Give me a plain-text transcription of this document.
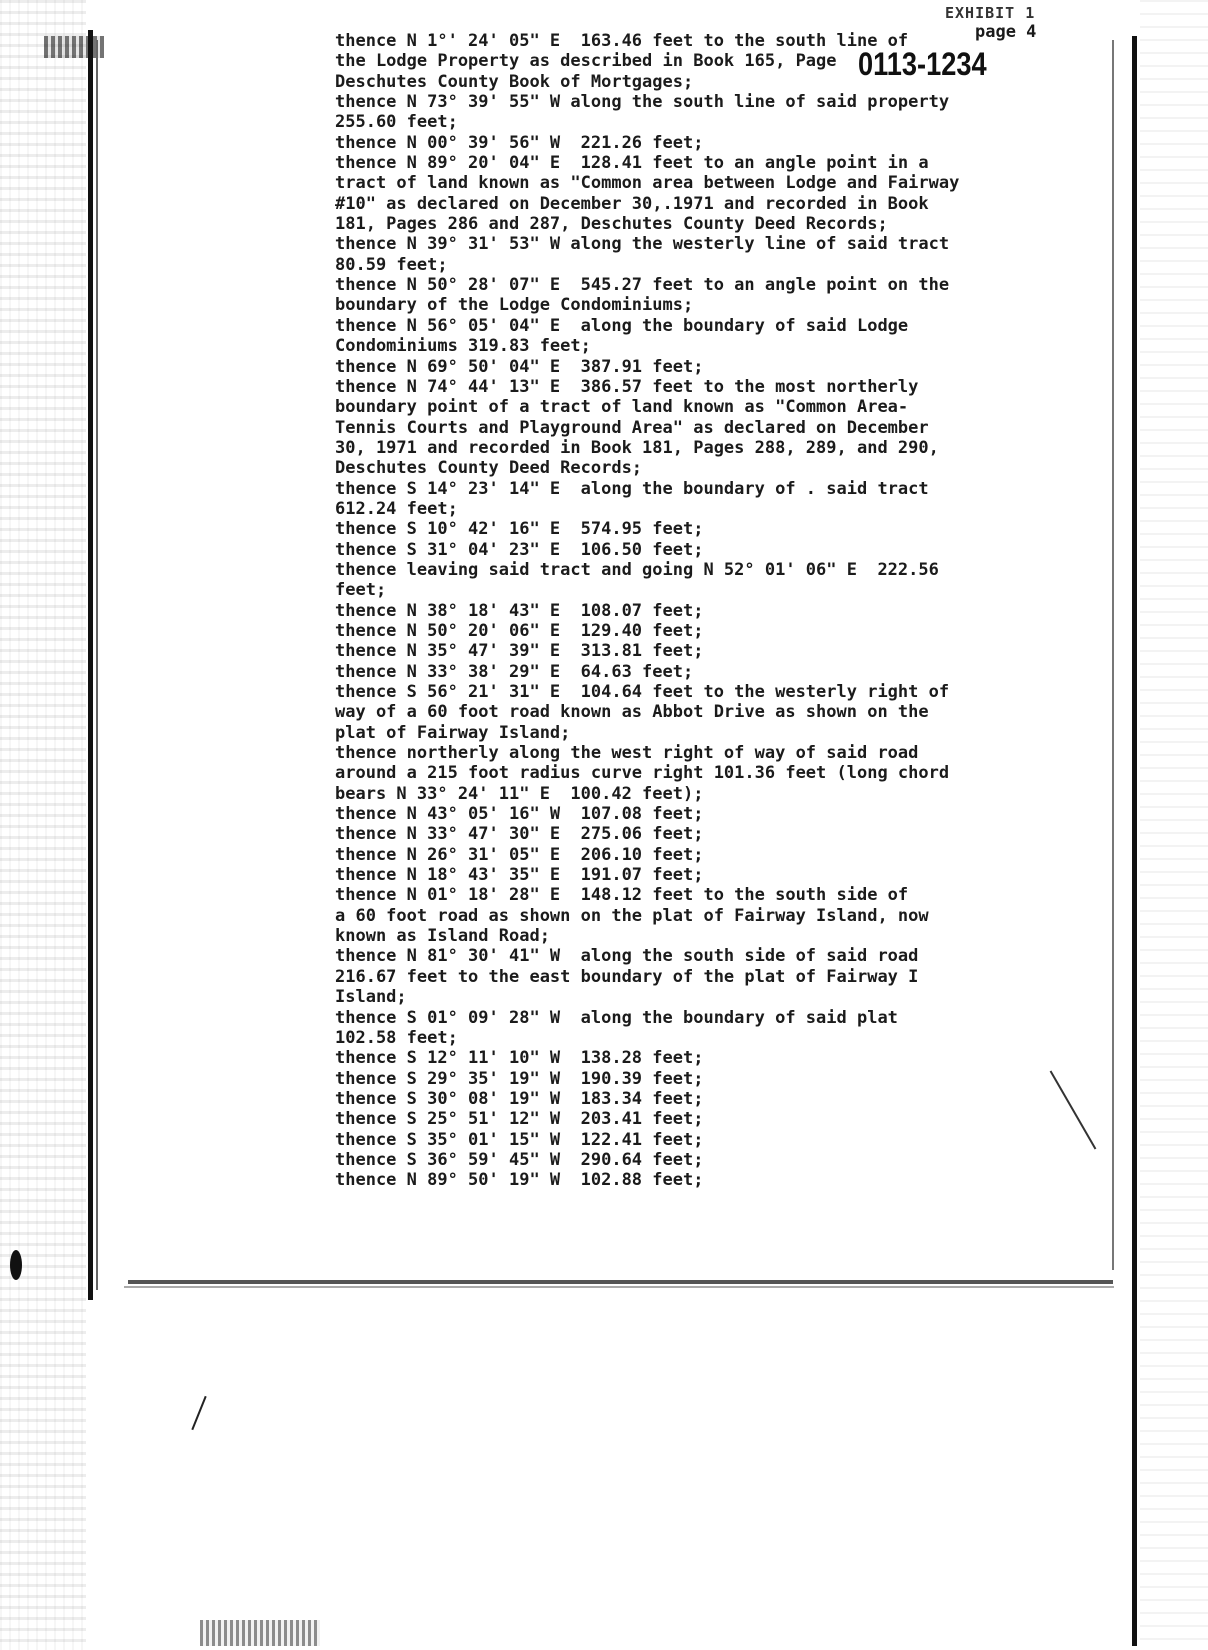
EXHIBIT 1
page 4
0113-1234
thence N 1°' 24' 05" E  163.46 feet to the south line of
the Lodge Property as described in Book 165, Page
Deschutes County Book of Mortgages;
thence N 73° 39' 55" W along the south line of said property
255.60 feet;
thence N 00° 39' 56" W  221.26 feet;
thence N 89° 20' 04" E  128.41 feet to an angle point in a
tract of land known as "Common area between Lodge and Fairway
#10" as declared on December 30,.1971 and recorded in Book
181, Pages 286 and 287, Deschutes County Deed Records;
thence N 39° 31' 53" W along the westerly line of said tract
80.59 feet;
thence N 50° 28' 07" E  545.27 feet to an angle point on the
boundary of the Lodge Condominiums;
thence N 56° 05' 04" E  along the boundary of said Lodge
Condominiums 319.83 feet;
thence N 69° 50' 04" E  387.91 feet;
thence N 74° 44' 13" E  386.57 feet to the most northerly
boundary point of a tract of land known as "Common Area-
Tennis Courts and Playground Area" as declared on December
30, 1971 and recorded in Book 181, Pages 288, 289, and 290,
Deschutes County Deed Records;
thence S 14° 23' 14" E  along the boundary of . said tract
612.24 feet;
thence S 10° 42' 16" E  574.95 feet;
thence S 31° 04' 23" E  106.50 feet;
thence leaving said tract and going N 52° 01' 06" E  222.56
feet;
thence N 38° 18' 43" E  108.07 feet;
thence N 50° 20' 06" E  129.40 feet;
thence N 35° 47' 39" E  313.81 feet;
thence N 33° 38' 29" E  64.63 feet;
thence S 56° 21' 31" E  104.64 feet to the westerly right of
way of a 60 foot road known as Abbot Drive as shown on the
plat of Fairway Island;
thence northerly along the west right of way of said road
around a 215 foot radius curve right 101.36 feet (long chord
bears N 33° 24' 11" E  100.42 feet);
thence N 43° 05' 16" W  107.08 feet;
thence N 33° 47' 30" E  275.06 feet;
thence N 26° 31' 05" E  206.10 feet;
thence N 18° 43' 35" E  191.07 feet;
thence N 01° 18' 28" E  148.12 feet to the south side of
a 60 foot road as shown on the plat of Fairway Island, now
known as Island Road;
thence N 81° 30' 41" W  along the south side of said road
216.67 feet to the east boundary of the plat of Fairway I
Island;
thence S 01° 09' 28" W  along the boundary of said plat
102.58 feet;
thence S 12° 11' 10" W  138.28 feet;
thence S 29° 35' 19" W  190.39 feet;
thence S 30° 08' 19" W  183.34 feet;
thence S 25° 51' 12" W  203.41 feet;
thence S 35° 01' 15" W  122.41 feet;
thence S 36° 59' 45" W  290.64 feet;
thence N 89° 50' 19" W  102.88 feet;
